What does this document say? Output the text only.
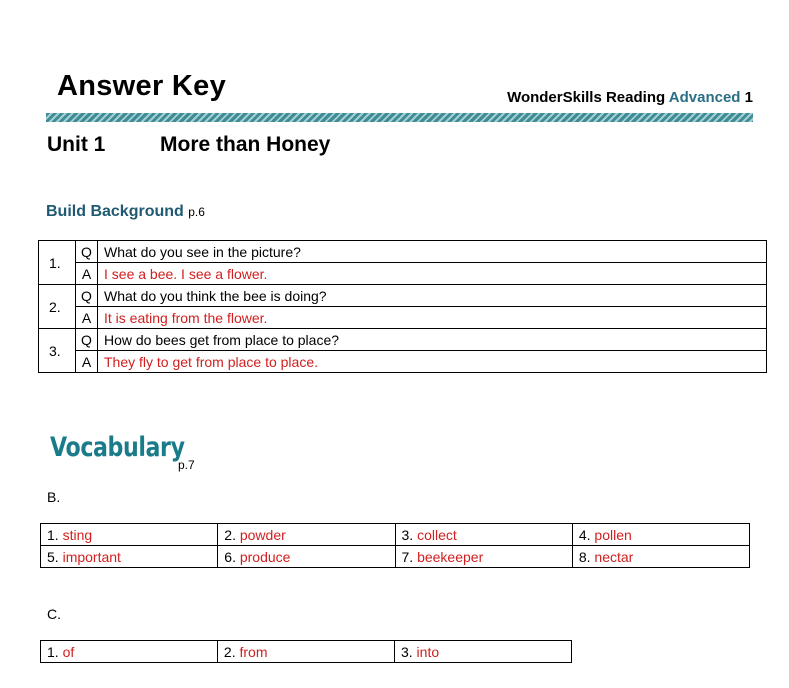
Answer Key	WonderSkills Reading Advanced 1
Unit 1	More than Honey
Build Background p.6
1.	Q	What do you see in the picture?
	A	I see a bee. I see a flower.
2.	Q	What do you think the bee is doing?
	A	It is eating from the flower.
3.	Q	How do bees get from place to place?
	A	They fly to get from place to place.
Vocabulary
p.7
B.
1. sting	2. powder	3. collect	4. pollen
5. important	6. produce	7. beekeeper	8. nectar
C.
1. of	2. from	3. into
